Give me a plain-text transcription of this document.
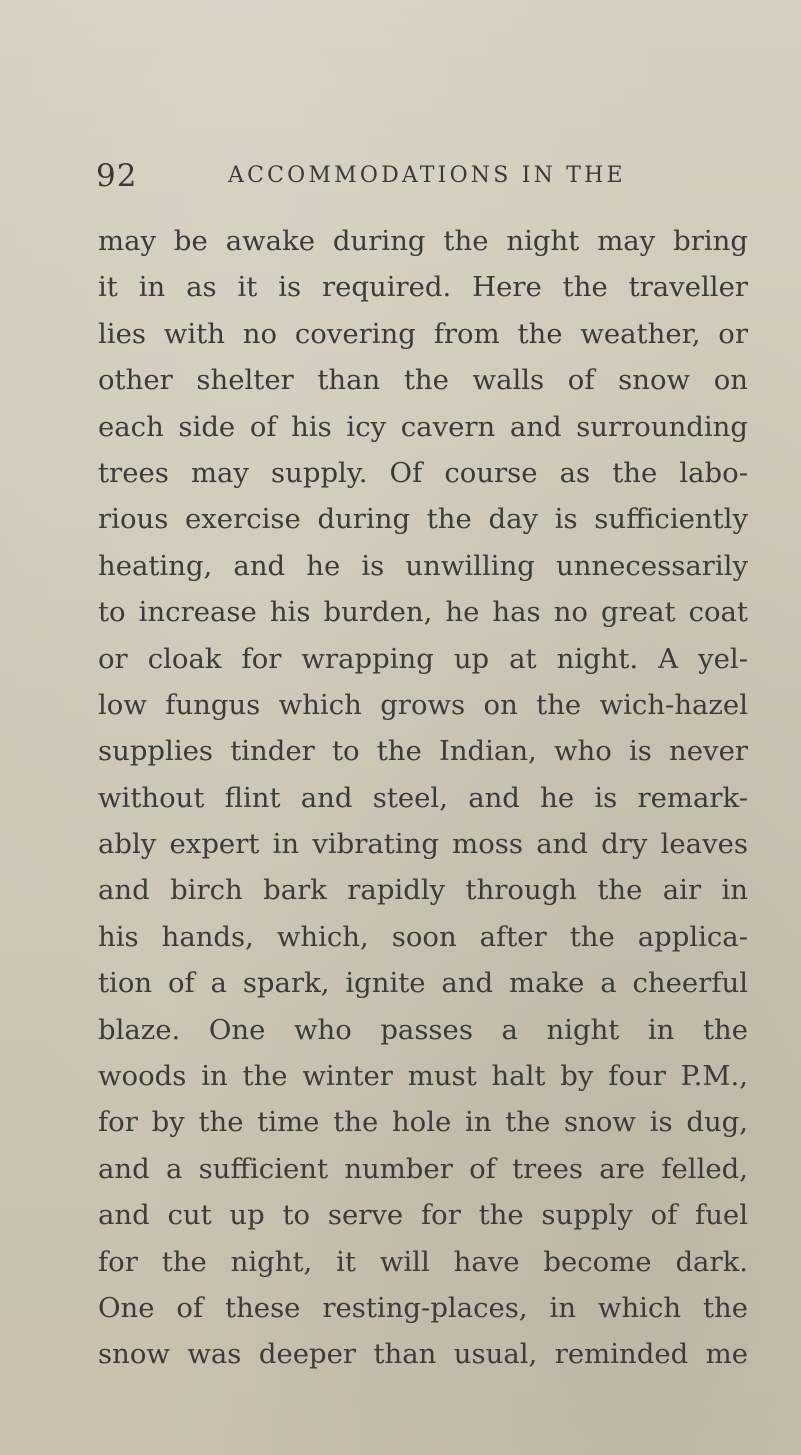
92	ACCOMMODATIONS IN THE
may be awake during the night may bring
it in as it is required. Here the traveller
lies with no covering from the weather, or
other shelter than the walls of snow on
each side of his icy cavern and surrounding
trees may supply. Of course as the labo-
rious exercise during the day is sufficiently
heating, and he is unwilling unnecessarily
to increase his burden, he has no great coat
or cloak for wrapping up at night. A yel-
low fungus which grows on the wich-hazel
supplies tinder to the Indian, who is never
without flint and steel, and he is remark-
ably expert in vibrating moss and dry leaves
and birch bark rapidly through the air in
his hands, which, soon after the applica-
tion of a spark, ignite and make a cheerful
blaze. One who passes a night in the
woods in the winter must halt by four P.M.,
for by the time the hole in the snow is dug,
and a sufficient number of trees are felled,
and cut up to serve for the supply of fuel
for the night, it will have become dark.
One of these resting-places, in which the
snow was deeper than usual, reminded me
